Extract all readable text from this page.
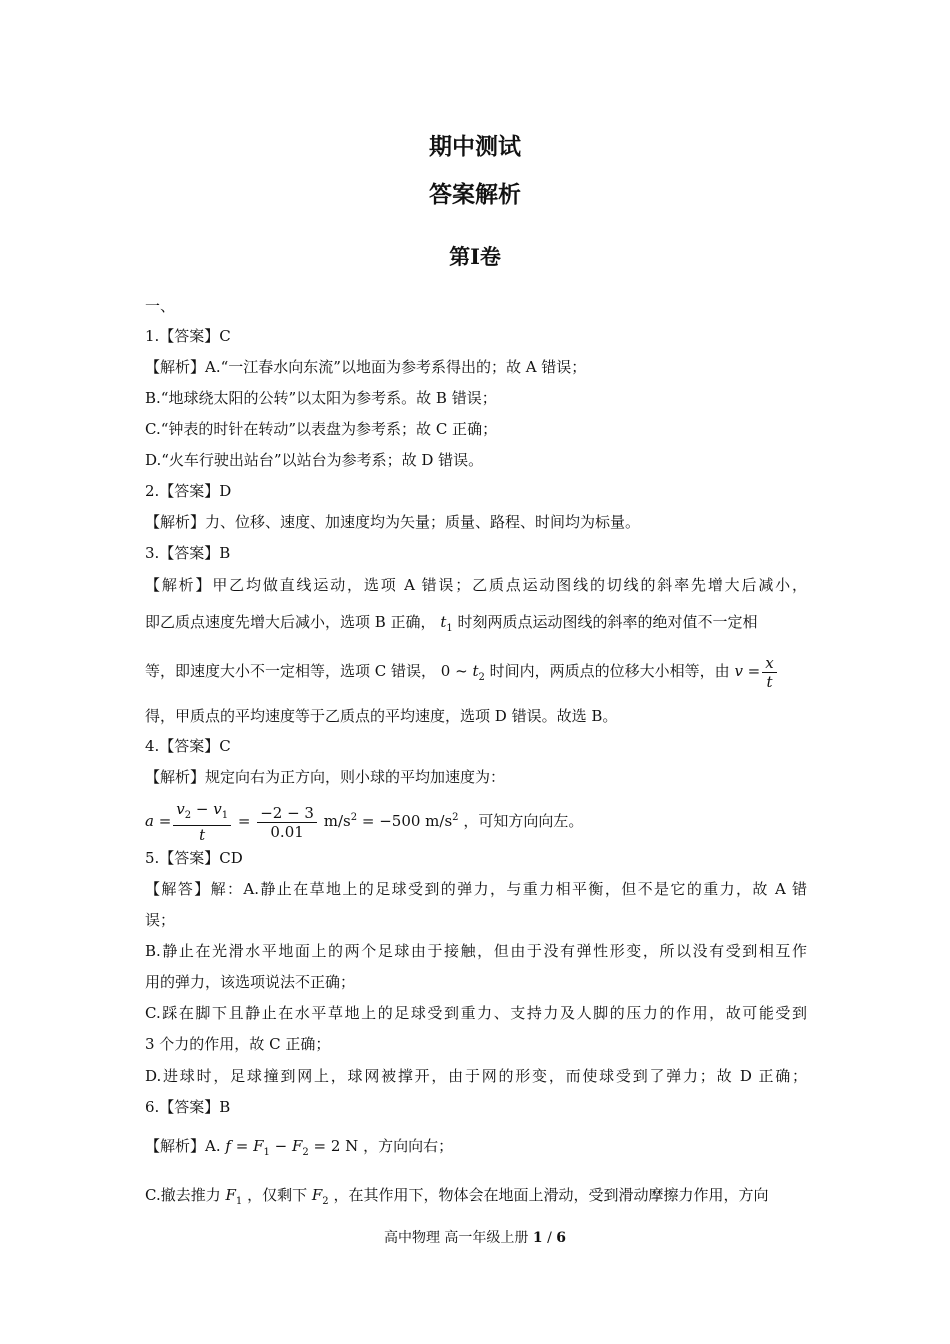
期中测试
答案解析
第I卷
一、
1.【答案】C
【解析】A.“一江春水向东流”以地面为参考系得出的；故 A 错误；
B.“地球绕太阳的公转”以太阳为参考系。故 B 错误；
C.“钟表的时针在转动”以表盘为参考系；故 C 正确；
D.“火车行驶出站台”以站台为参考系；故 D 错误。
2.【答案】D
【解析】力、位移、速度、加速度均为矢量；质量、路程、时间均为标量。
3.【答案】B
【解析】甲乙均做直线运动，选项 A 错误；乙质点运动图线的切线的斜率先增大后减小，
即乙质点速度先增大后减小，选项 B 正确， $t_1$ 时刻两质点运动图线的斜率的绝对值不一定相
等，即速度大小不一定相等，选项 C 错误， 0 ~ $t_2$ 时间内，两质点的位移大小相等，由 $v = \frac{x}{t}$
得，甲质点的平均速度等于乙质点的平均速度，选项 D 错误。故选 B。
4.【答案】C
【解析】规定向右为正方向，则小球的平均加速度为：
$a = \frac{v_2 - v_1}{t} = \frac{-2 - 3}{0.01} m/s^2 = -500$ $m/s^2$ ，可知方向向左。
5.【答案】CD
【解答】解：A.静止在草地上的足球受到的弹力，与重力相平衡，但不是它的重力，故 A 错
误；
B.静止在光滑水平地面上的两个足球由于接触，但由于没有弹性形变，所以没有受到相互作
用的弹力，该选项说法不正确；
C.踩在脚下且静止在水平草地上的足球受到重力、支持力及人脚的压力的作用，故可能受到
3 个力的作用，故 C 正确；
D.进球时，足球撞到网上，球网被撑开，由于网的形变，而使球受到了弹力；故 D 正确；
6.【答案】B
【解析】A. $f = F_1 - F_2 = 2$ N ，方向向右；
C.撤去推力 $F_1$ ，仅剩下 $F_2$ ，在其作用下，物体会在地面上滑动，受到滑动摩擦力作用，方向
高中物理 高一年级上册 1 / 6
